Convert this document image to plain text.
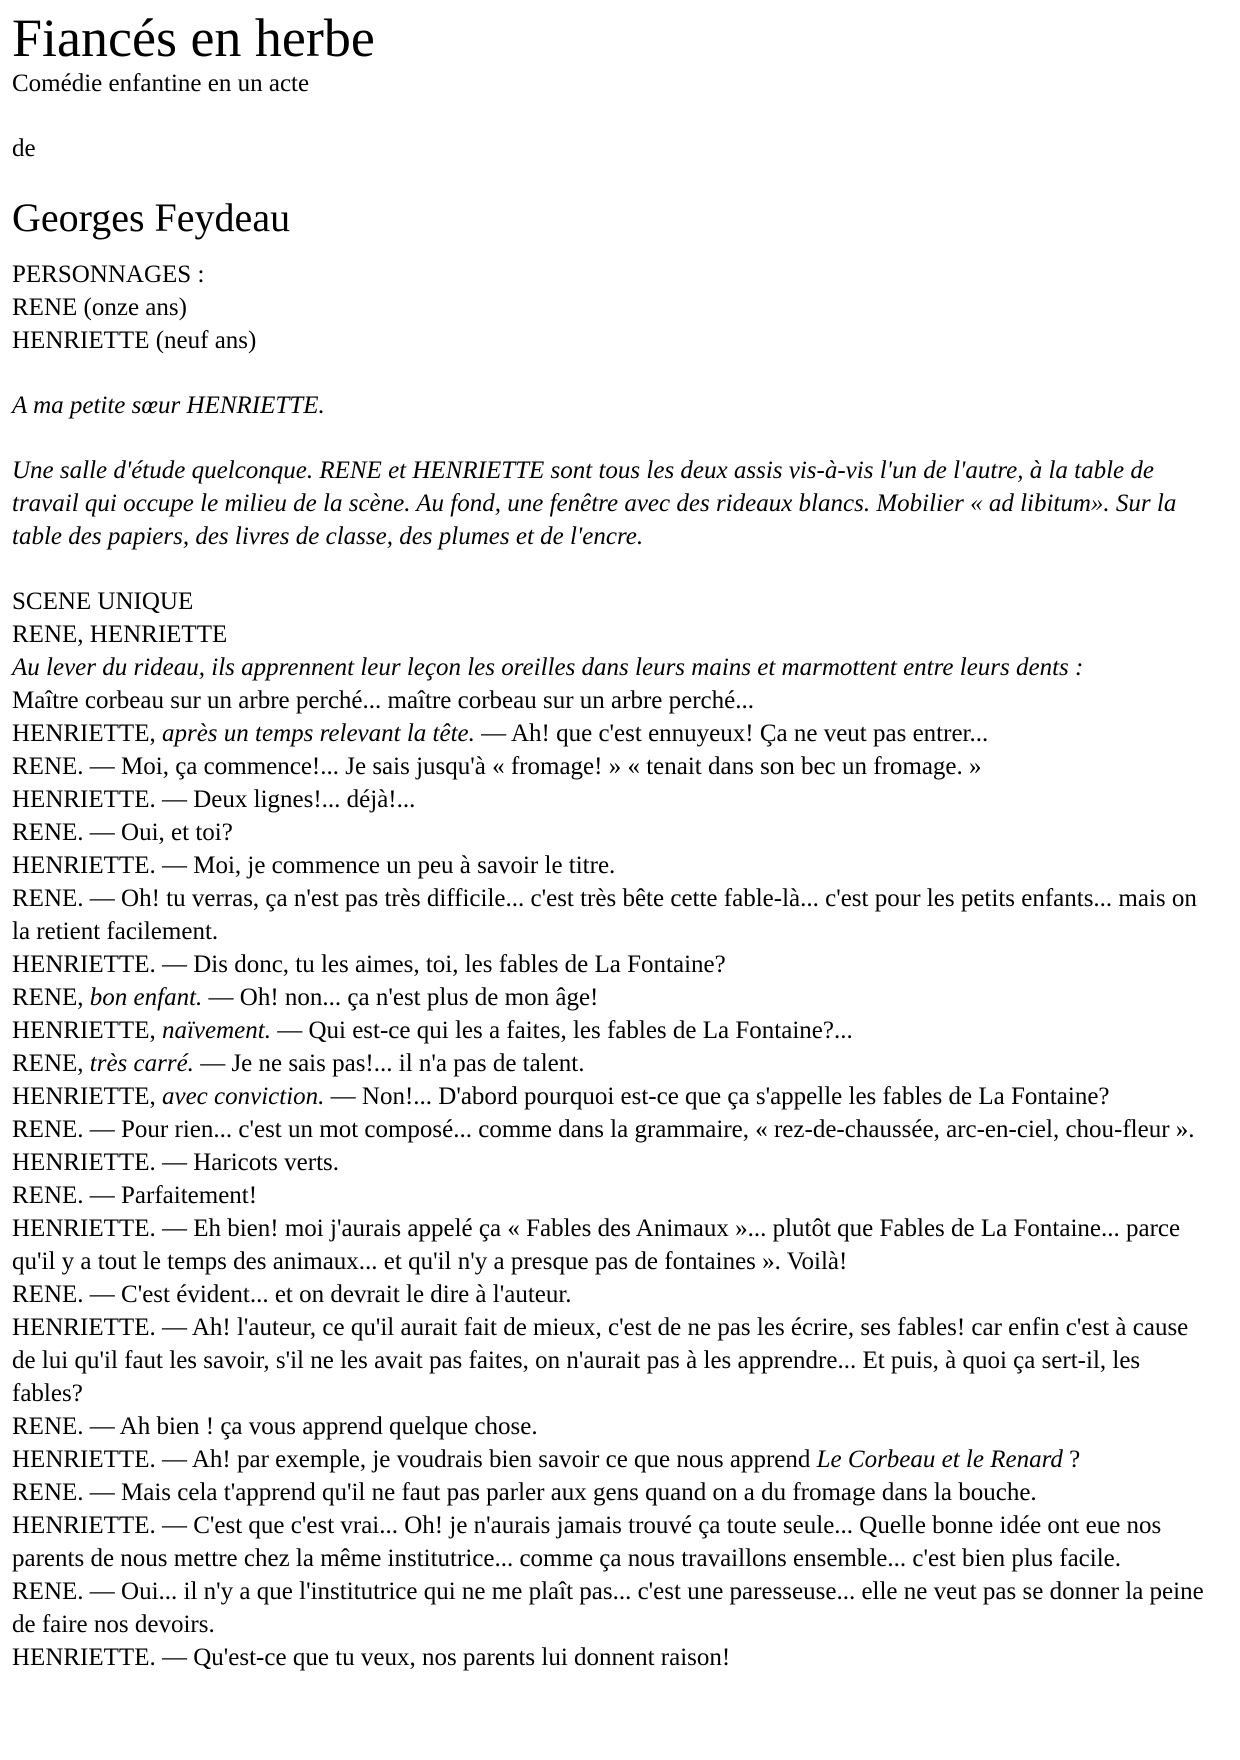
Fiancés en herbe

Comédie enfantine en un acte

de

Georges Feydeau
PERSONNAGES :
RENE (onze ans)
HENRIETTE (neuf ans)

A ma petite sœur HENRIETTE.

Une salle d'étude quelconque. RENE et HENRIETTE sont tous les deux assis vis-à-vis l'un de l'autre, à la table de travail qui occupe le milieu de la scène. Au fond, une fenêtre avec des rideaux blancs. Mobilier « ad libitum». Sur la table des papiers, des livres de classe, des plumes et de l'encre.

SCENE UNIQUE
RENE, HENRIETTE
Au lever du rideau, ils apprennent leur leçon les oreilles dans leurs mains et marmottent entre leurs dents :
Maître corbeau sur un arbre perché... maître corbeau sur un arbre perché...
HENRIETTE, après un temps relevant la tête. — Ah! que c'est ennuyeux! Ça ne veut pas entrer...
RENE. — Moi, ça commence!... Je sais jusqu'à « fromage! » « tenait dans son bec un fromage. »
HENRIETTE. — Deux lignes!... déjà!...
RENE. — Oui, et toi?
HENRIETTE. — Moi, je commence un peu à savoir le titre.
RENE. — Oh! tu verras, ça n'est pas très difficile... c'est très bête cette fable-là... c'est pour les petits enfants... mais on la retient facilement.
HENRIETTE. — Dis donc, tu les aimes, toi, les fables de La Fontaine?
RENE, bon enfant. — Oh! non... ça n'est plus de mon âge!
HENRIETTE, naïvement. — Qui est-ce qui les a faites, les fables de La Fontaine?...
RENE, très carré. — Je ne sais pas!... il n'a pas de talent.
HENRIETTE, avec conviction. — Non!... D'abord pourquoi est-ce que ça s'appelle les fables de La Fontaine?
RENE. — Pour rien... c'est un mot composé... comme dans la grammaire, « rez-de-chaussée, arc-en-ciel, chou-fleur ».
HENRIETTE. — Haricots verts.
RENE. — Parfaitement!
HENRIETTE. — Eh bien! moi j'aurais appelé ça « Fables des Animaux »... plutôt que Fables de La Fontaine... parce qu'il y a tout le temps des animaux... et qu'il n'y a presque pas de fontaines ». Voilà!
RENE. — C'est évident... et on devrait le dire à l'auteur.
HENRIETTE. — Ah! l'auteur, ce qu'il aurait fait de mieux, c'est de ne pas les écrire, ses fables! car enfin c'est à cause de lui qu'il faut les savoir, s'il ne les avait pas faites, on n'aurait pas à les apprendre... Et puis, à quoi ça sert-il, les fables?
RENE. — Ah bien ! ça vous apprend quelque chose.
HENRIETTE. — Ah! par exemple, je voudrais bien savoir ce que nous apprend Le Corbeau et le Renard ?
RENE. — Mais cela t'apprend qu'il ne faut pas parler aux gens quand on a du fromage dans la bouche.
HENRIETTE. — C'est que c'est vrai... Oh! je n'aurais jamais trouvé ça toute seule... Quelle bonne idée ont eue nos parents de nous mettre chez la même institutrice... comme ça nous travaillons ensemble... c'est bien plus facile.
RENE. — Oui... il n'y a que l'institutrice qui ne me plaît pas... c'est une paresseuse... elle ne veut pas se donner la peine de faire nos devoirs.
HENRIETTE. — Qu'est-ce que tu veux, nos parents lui donnent raison!
